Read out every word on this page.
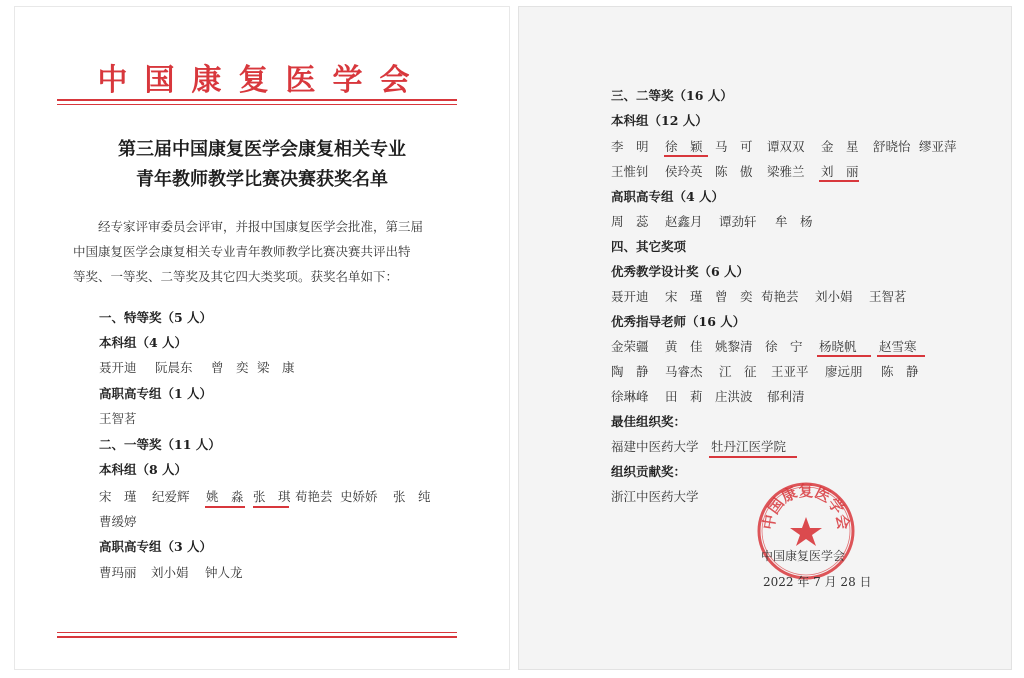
中国康复医学会
第三届中国康复医学会康复相关专业
青年教师教学比赛决赛获奖名单
　　经专家评审委员会评审，并报中国康复医学会批准，第三届
中国康复医学会康复相关专业青年教师教学比赛决赛共评出特
等奖、一等奖、二等奖及其它四大类奖项。获奖名单如下：
一、特等奖（5 人）
本科组（4 人）
聂开迪 阮晨东 曾　奕 梁　康
高职高专组（1 人）
王智茗
二、一等奖（11 人）
本科组（8 人）
宋　瑾 纪爱辉 姚　淼 张　琪 荀艳芸 史娇娇 张　纯
曹缓婷
高职高专组（3 人）
曹玛丽 刘小娟 钟人龙
三、二等奖（16 人）
本科组（12 人）
李　明 徐　颖 马　可 谭双双 金　星 舒晓怡 缪亚萍
王惟钊 侯玲英 陈　傲 梁雅兰 刘　丽
高职高专组（4 人）
周　蕊 赵鑫月 谭劲轩 牟　杨
四、其它奖项
优秀教学设计奖（6 人）
聂开迪 宋　瑾 曾　奕 荀艳芸 刘小娟 王智茗
优秀指导老师（16 人）
金荣疆 黄　佳 姚黎清 徐　宁 杨晓帆 赵雪寒
陶　静 马睿杰 江　征 王亚平 廖远朋 陈　静
徐琳峰 田　莉 庄洪波 郁利清
最佳组织奖：
福建中医药大学 牡丹江医学院
组织贡献奖：
浙江中医药大学
中国康复医学会
中国康复医学会
2022 年 7 月 28 日
